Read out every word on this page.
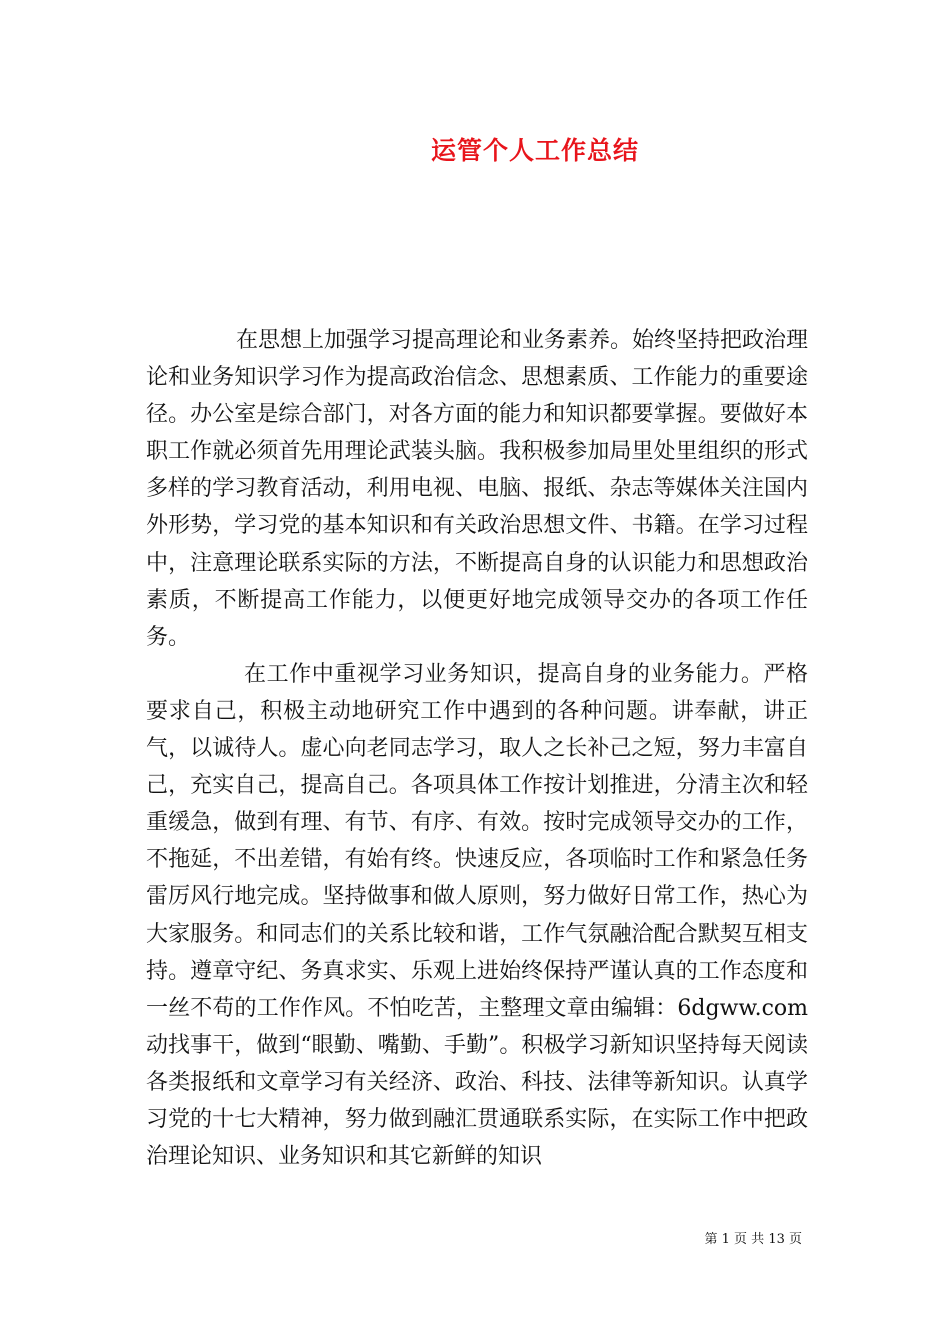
运管个人工作总结

在思想上加强学习提高理论和业务素养。始终坚持把政治理论和业务知识学习作为提高政治信念、思想素质、工作能力的重要途径。办公室是综合部门，对各方面的能力和知识都要掌握。要做好本职工作就必须首先用理论武装头脑。我积极参加局里处里组织的形式多样的学习教育活动，利用电视、电脑、报纸、杂志等媒体关注国内外形势，学习党的基本知识和有关政治思想文件、书籍。在学习过程中，注意理论联系实际的方法，不断提高自身的认识能力和思想政治素质，不断提高工作能力，以便更好地完成领导交办的各项工作任务。

在工作中重视学习业务知识，提高自身的业务能力。严格要求自己，积极主动地研究工作中遇到的各种问题。讲奉献，讲正气，以诚待人。虚心向老同志学习，取人之长补己之短，努力丰富自己，充实自己，提高自己。各项具体工作按计划推进，分清主次和轻重缓急，做到有理、有节、有序、有效。按时完成领导交办的工作，不拖延，不出差错，有始有终。快速反应，各项临时工作和紧急任务雷厉风行地完成。坚持做事和做人原则，努力做好日常工作，热心为大家服务。和同志们的关系比较和谐，工作气氛融洽配合默契互相支持。遵章守纪、务真求实、乐观上进始终保持严谨认真的工作态度和一丝不苟的工作作风。不怕吃苦，主整理文章由编辑：6dgww.com动找事干，做到“眼勤、嘴勤、手勤”。积极学习新知识坚持每天阅读各类报纸和文章学习有关经济、政治、科技、法律等新知识。认真学习党的十七大精神，努力做到融汇贯通联系实际，在实际工作中把政治理论知识、业务知识和其它新鲜的知识

第 1 页 共 13 页
